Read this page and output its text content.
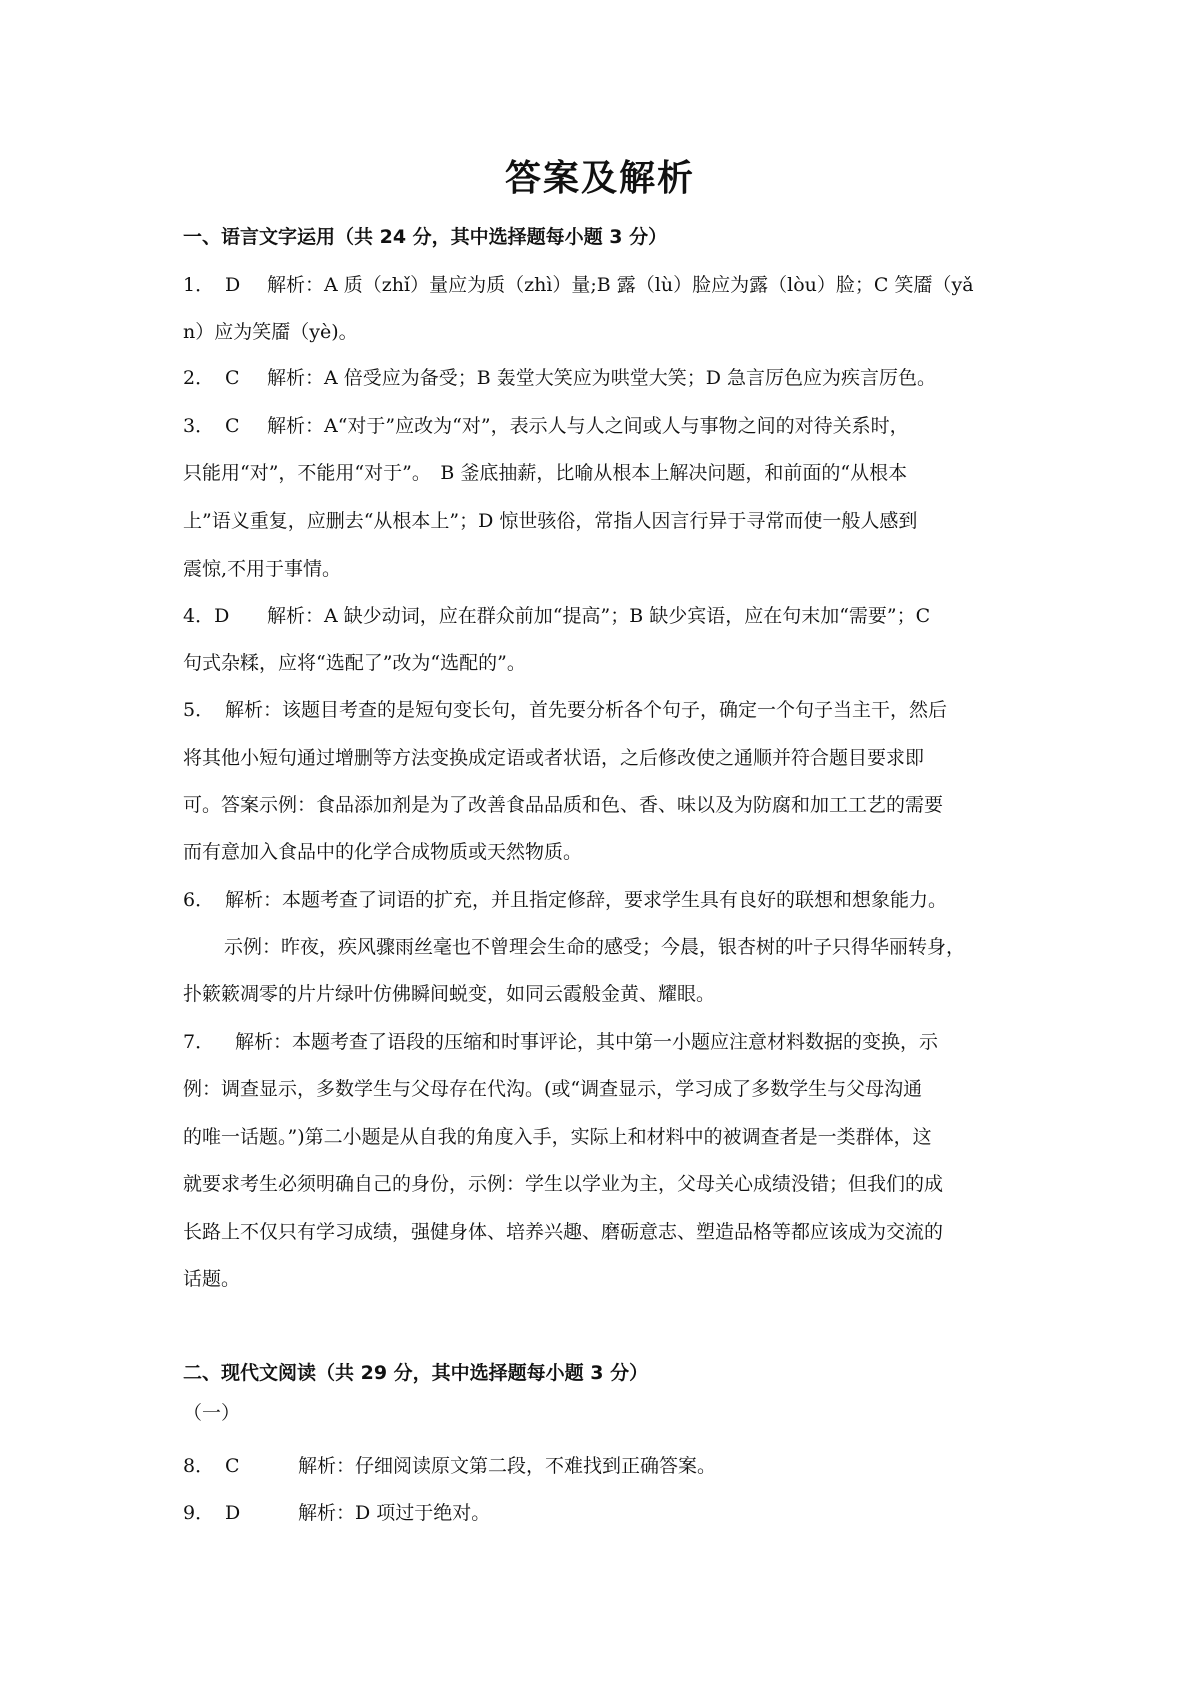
答案及解析
一、语言文字运用（共 24 分，其中选择题每小题 3 分）
1． D 解析：A 质（zhǐ）量应为质（zhì）量;B 露（lù）脸应为露（lòu）脸；C 笑靥（yǎ
n）应为笑靥（yè)。
2． C 解析：A 倍受应为备受；B 轰堂大笑应为哄堂大笑；D 急言厉色应为疾言厉色。
3． C 解析：A“对于”应改为“对”，表示人与人之间或人与事物之间的对待关系时，
只能用“对”，不能用“对于”。　B 釜底抽薪，比喻从根本上解决问题，和前面的“从根本
上”语义重复，应删去“从根本上”；D 惊世骇俗，常指人因言行异于寻常而使一般人感到
震惊,不用于事情。
4．D 解析：A 缺少动词，应在群众前加“提高”；B 缺少宾语，应在句末加“需要”；C
句式杂糅，应将“选配了”改为“选配的”。
5． 解析：该题目考查的是短句变长句，首先要分析各个句子，确定一个句子当主干，然后
将其他小短句通过增删等方法变换成定语或者状语，之后修改使之通顺并符合题目要求即
可。答案示例：食品添加剂是为了改善食品品质和色、香、味以及为防腐和加工工艺的需要
而有意加入食品中的化学合成物质或天然物质。
6． 解析：本题考查了词语的扩充，并且指定修辞，要求学生具有良好的联想和想象能力。
示例：昨夜，疾风骤雨丝毫也不曾理会生命的感受；今晨，银杏树的叶子只得华丽转身，
扑簌簌凋零的片片绿叶仿佛瞬间蜕变，如同云霞般金黄、耀眼。
7． 解析：本题考查了语段的压缩和时事评论，其中第一小题应注意材料数据的变换，示
例：调查显示，多数学生与父母存在代沟。(或“调查显示，学习成了多数学生与父母沟通
的唯一话题。”)第二小题是从自我的角度入手，实际上和材料中的被调查者是一类群体，这
就要求考生必须明确自己的身份，示例：学生以学业为主，父母关心成绩没错；但我们的成
长路上不仅只有学习成绩，强健身体、培养兴趣、磨砺意志、塑造品格等都应该成为交流的
话题。
二、现代文阅读（共 29 分，其中选择题每小题 3 分）
（一）
8． C	解析：仔细阅读原文第二段，不难找到正确答案。
9． D	解析：D 项过于绝对。
